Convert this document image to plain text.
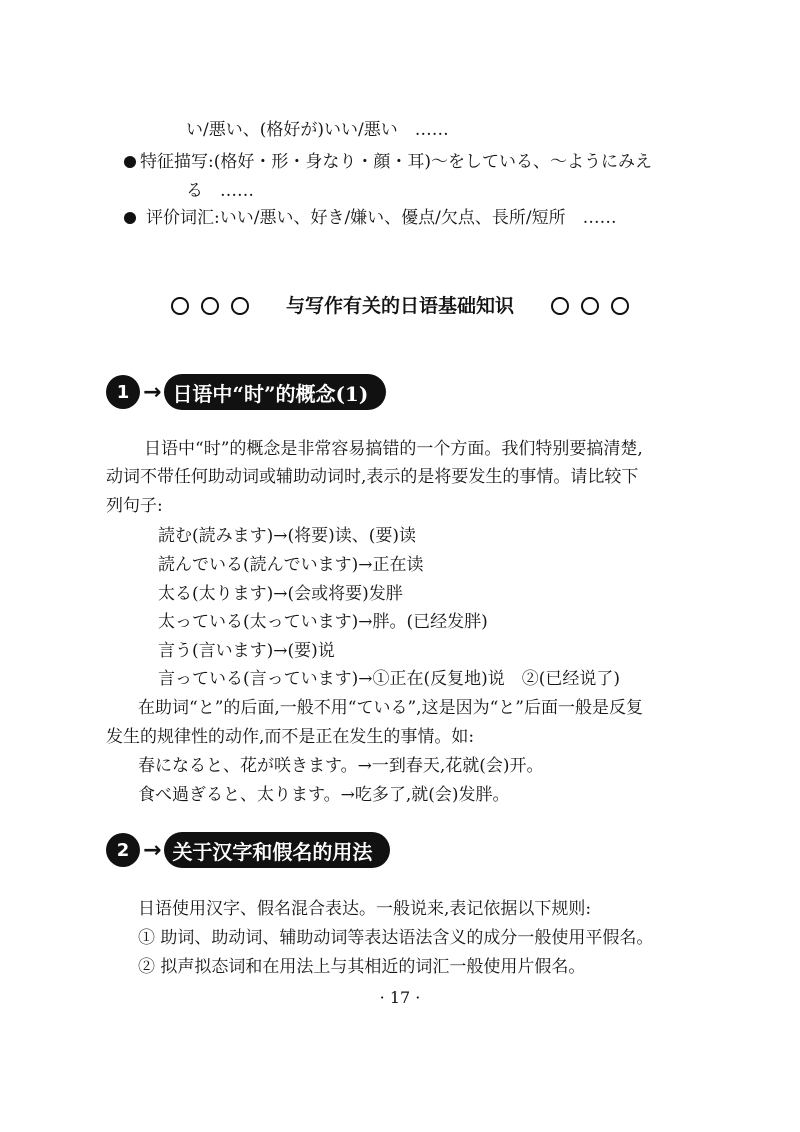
い/悪い、(格好が)いい/悪い　……
特征描写:(格好・形・身なり・顔・耳)～をしている、～ようにみえ
る　……
评价词汇:いい/悪い、好き/嫌い、優点/欠点、長所/短所　……
与写作有关的日语基础知识
1 → 日语中“时”的概念(1)
日语中“时”的概念是非常容易搞错的一个方面。我们特别要搞清楚,
动词不带任何助动词或辅助动词时,表示的是将要发生的事情。请比较下
列句子:
読む(読みます)→(将要)读、(要)读
読んでいる(読んでいます)→正在读
太る(太ります)→(会或将要)发胖
太っている(太っています)→胖。(已经发胖)
言う(言います)→(要)说
言っている(言っています)→①正在(反复地)说　②(已经说了)
在助词“と”的后面,一般不用“ている”,这是因为“と”后面一般是反复
发生的规律性的动作,而不是正在发生的事情。如:
春になると、花が咲きます。→一到春天,花就(会)开。
食べ過ぎると、太ります。→吃多了,就(会)发胖。
2 → 关于汉字和假名的用法
日语使用汉字、假名混合表达。一般说来,表记依据以下规则:
① 助词、助动词、辅助动词等表达语法含义的成分一般使用平假名。
② 拟声拟态词和在用法上与其相近的词汇一般使用片假名。
· 17 ·
